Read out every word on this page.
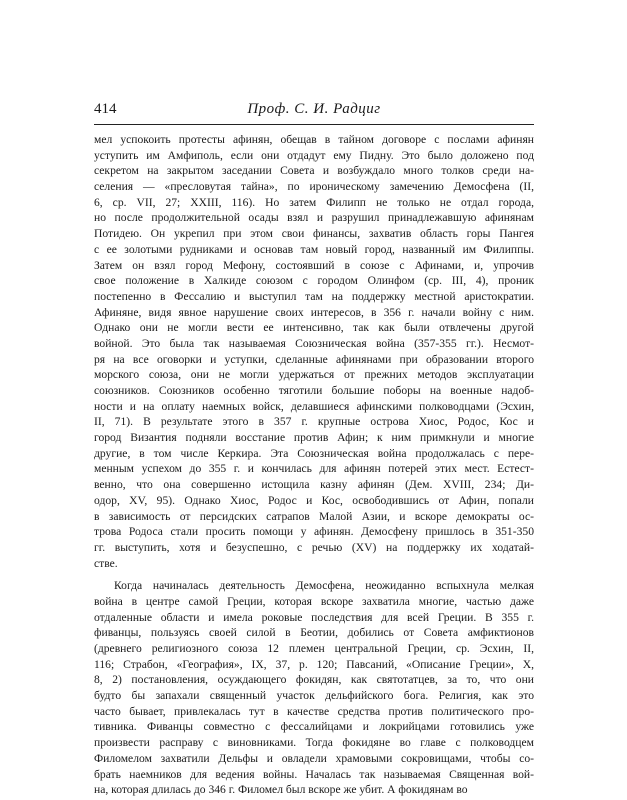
414	Проф. С. И. Радциг
мел успокоить протесты афинян, обещав в тайном договоре с послами афинян
уступить им Амфиполь, если они отдадут ему Пидну. Это было доложено под
секретом на закрытом заседании Совета и возбуждало много толков среди на-
селения — «пресловутая тайна», по ироническому замечению Демосфена (II,
6, ср. VII, 27; XXIII, 116). Но затем Филипп не только не отдал города,
но после продолжительной осады взял и разрушил принадлежавшую афинянам
Потидею. Он укрепил при этом свои финансы, захватив область горы Пангея
с ее золотыми рудниками и основав там новый город, названный им Филиппы.
Затем он взял город Мефону, состоявший в союзе с Афинами, и, упрочив
свое положение в Халкиде союзом с городом Олинфом (ср. III, 4), проник
постепенно в Фессалию и выступил там на поддержку местной аристократии.
Афиняне, видя явное нарушение своих интересов, в 356 г. начали войну с ним.
Однако они не могли вести ее интенсивно, так как были отвлечены другой
войной. Это была так называемая Союзническая война (357-355 гг.). Несмот-
ря на все оговорки и уступки, сделанные афинянами при образовании второго
морского союза, они не могли удержаться от прежних методов эксплуатации
союзников. Союзников особенно тяготили большие поборы на военные надоб-
ности и на оплату наемных войск, делавшиеся афинскими полководцами (Эсхин,
II, 71). В результате этого в 357 г. крупные острова Хиос, Родос, Кос и
город Византия подняли восстание против Афин; к ним примкнули и многие
другие, в том числе Керкира. Эта Союзническая война продолжалась с пере-
менным успехом до 355 г. и кончилась для афинян потерей этих мест. Естест-
венно, что она совершенно истощила казну афинян (Дем. XVIII, 234; Ди-
одор, XV, 95). Однако Хиос, Родос и Кос, освободившись от Афин, попали
в зависимость от персидских сатрапов Малой Азии, и вскоре демократы ос-
трова Родоса стали просить помощи у афинян. Демосфену пришлось в 351-350
гг. выступить, хотя и безуспешно, с речью (XV) на поддержку их ходатай-
стве.
Когда начиналась деятельность Демосфена, неожиданно вспыхнула мелкая
война в центре самой Греции, которая вскоре захватила многие, частью даже
отдаленные области и имела роковые последствия для всей Греции. В 355 г.
фиванцы, пользуясь своей силой в Беотии, добились от Совета амфиктионов
(древнего религиозного союза 12 племен центральной Греции, ср. Эсхин, II,
116; Страбон, «География», IX, 37, р. 120; Павсаний, «Описание Греции», X,
8, 2) постановления, осуждающего фокидян, как святотатцев, за то, что они
будто бы запахали священный участок дельфийского бога. Религия, как это
часто бывает, привлекалась тут в качестве средства против политического про-
тивника. Фиванцы совместно с фессалийцами и локрийцами готовились уже
произвести расправу с виновниками. Тогда фокидяне во главе с полководцем
Филомелом захватили Дельфы и овладели храмовыми сокровищами, чтобы со-
брать наемников для ведения войны. Началась так называемая Священная вой-
на, которая длилась до 346 г. Филомел был вскоре же убит. А фокидянам во
